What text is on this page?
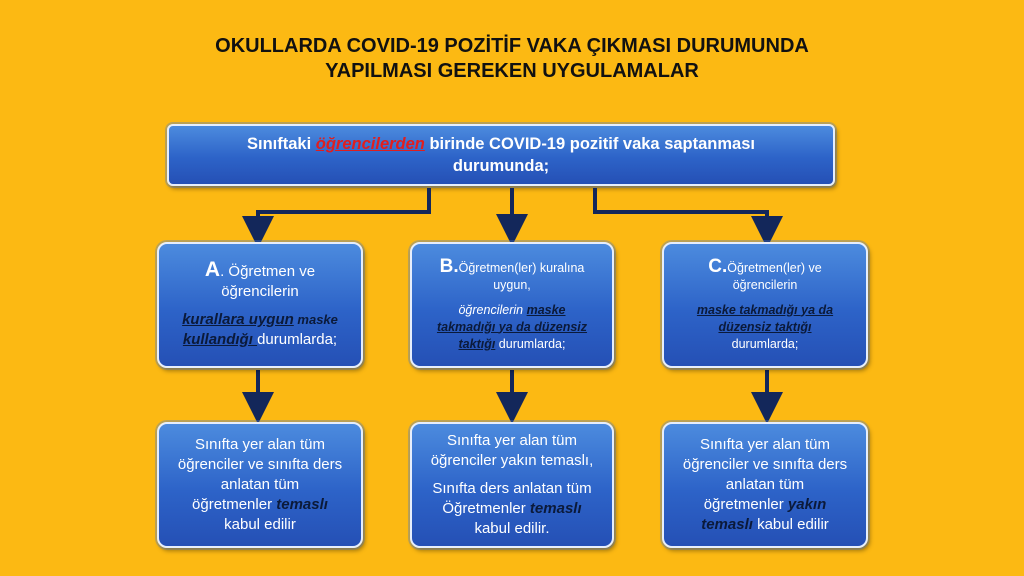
OKULLARDA COVID-19 POZİTİF VAKA ÇIKMASI DURUMUNDA
YAPILMASI GEREKEN UYGULAMALAR
Sınıftaki öğrencilerden birinde COVID-19 pozitif vaka saptanması
durumunda;
A. Öğretmen ve
öğrencilerin
kurallara uygun maske
kullandığı durumlarda;
B.Öğretmen(ler) kuralına
uygun,
öğrencilerin maske
takmadığı ya da düzensiz
taktığı durumlarda;
C.Öğretmen(ler) ve
öğrencilerin
maske takmadığı ya da
düzensiz taktığı
durumlarda;
Sınıfta yer alan tüm
öğrenciler ve sınıfta ders
anlatan tüm
öğretmenler temaslı
kabul edilir
Sınıfta yer alan tüm
öğrenciler yakın temaslı,
Sınıfta ders anlatan tüm
Öğretmenler temaslı
kabul edilir.
Sınıfta yer alan tüm
öğrenciler ve sınıfta ders
anlatan tüm
öğretmenler yakın
temaslı kabul edilir
